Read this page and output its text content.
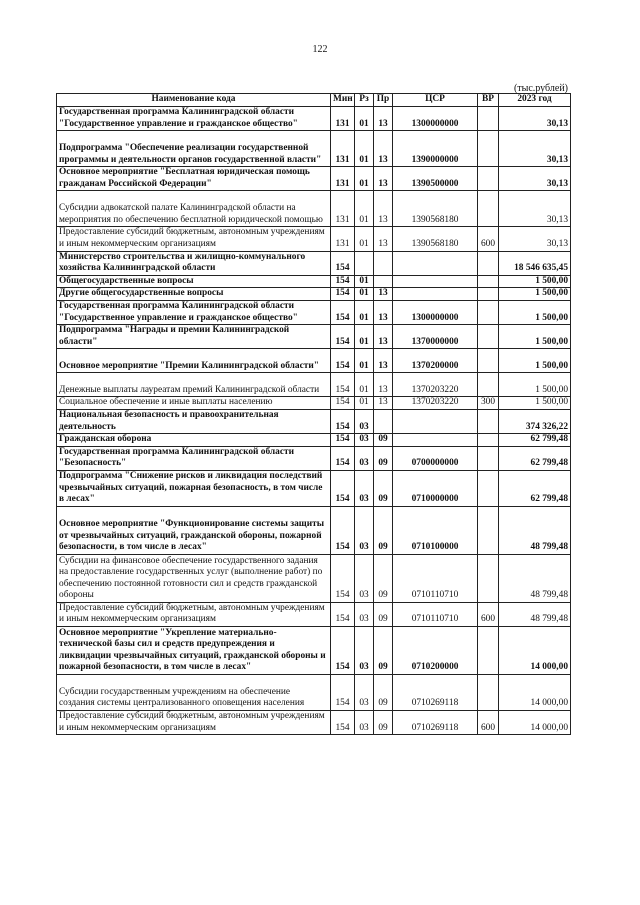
122
(тыс.рублей)
Наименование кода	Мин	Рз	Пр	ЦСР	ВР	2023 год
Государственная программа Калининградской области "Государственное управление и гражданское общество"	131	01	13	1300000000		30,13
Подпрограмма "Обеспечение реализации государственной программы и деятельности органов государственной власти"	131	01	13	1390000000		30,13
Основное мероприятие "Бесплатная юридическая помощь гражданам Российской Федерации"	131	01	13	1390500000		30,13
Субсидии адвокатской палате Калининградской области на мероприятия по обеспечению бесплатной юридической помощью	131	01	13	1390568180		30,13
Предоставление субсидий бюджетным, автономным учреждениям и иным некоммерческим организациям	131	01	13	1390568180	600	30,13
Министерство строительства и жилищно-коммунального хозяйства Калининградской области	154					18 546 635,45
Общегосударственные вопросы	154	01				1 500,00
Другие общегосударственные вопросы	154	01	13			1 500,00
Государственная программа Калининградской области "Государственное управление и гражданское общество"	154	01	13	1300000000		1 500,00
Подпрограмма "Награды и премии Калининградской области"	154	01	13	1370000000		1 500,00
Основное мероприятие "Премии Калининградской области"	154	01	13	1370200000		1 500,00
Денежные выплаты лауреатам премий Калининградской области	154	01	13	1370203220		1 500,00
Социальное обеспечение и иные выплаты населению	154	01	13	1370203220	300	1 500,00
Национальная безопасность и правоохранительная деятельность	154	03				374 326,22
Гражданская оборона	154	03	09			62 799,48
Государственная программа Калининградской области "Безопасность"	154	03	09	0700000000		62 799,48
Подпрограмма "Снижение рисков и ликвидация последствий чрезвычайных ситуаций, пожарная безопасность, в том числе в лесах"	154	03	09	0710000000		62 799,48
Основное мероприятие "Функционирование системы защиты от чрезвычайных ситуаций, гражданской обороны, пожарной безопасности, в том числе в лесах"	154	03	09	0710100000		48 799,48
Субсидии на финансовое обеспечение государственного задания на предоставление государственных услуг (выполнение работ) по обеспечению постоянной готовности сил и средств гражданской обороны	154	03	09	0710110710		48 799,48
Предоставление субсидий бюджетным, автономным учреждениям и иным некоммерческим организациям	154	03	09	0710110710	600	48 799,48
Основное мероприятие "Укрепление материально-технической базы сил и средств предупреждения и ликвидации чрезвычайных ситуаций, гражданской обороны и пожарной безопасности, в том числе в лесах"	154	03	09	0710200000		14 000,00
Субсидии государственным учреждениям на обеспечение создания системы централизованного оповещения населения	154	03	09	0710269118		14 000,00
Предоставление субсидий бюджетным, автономным учреждениям и иным некоммерческим организациям	154	03	09	0710269118	600	14 000,00
